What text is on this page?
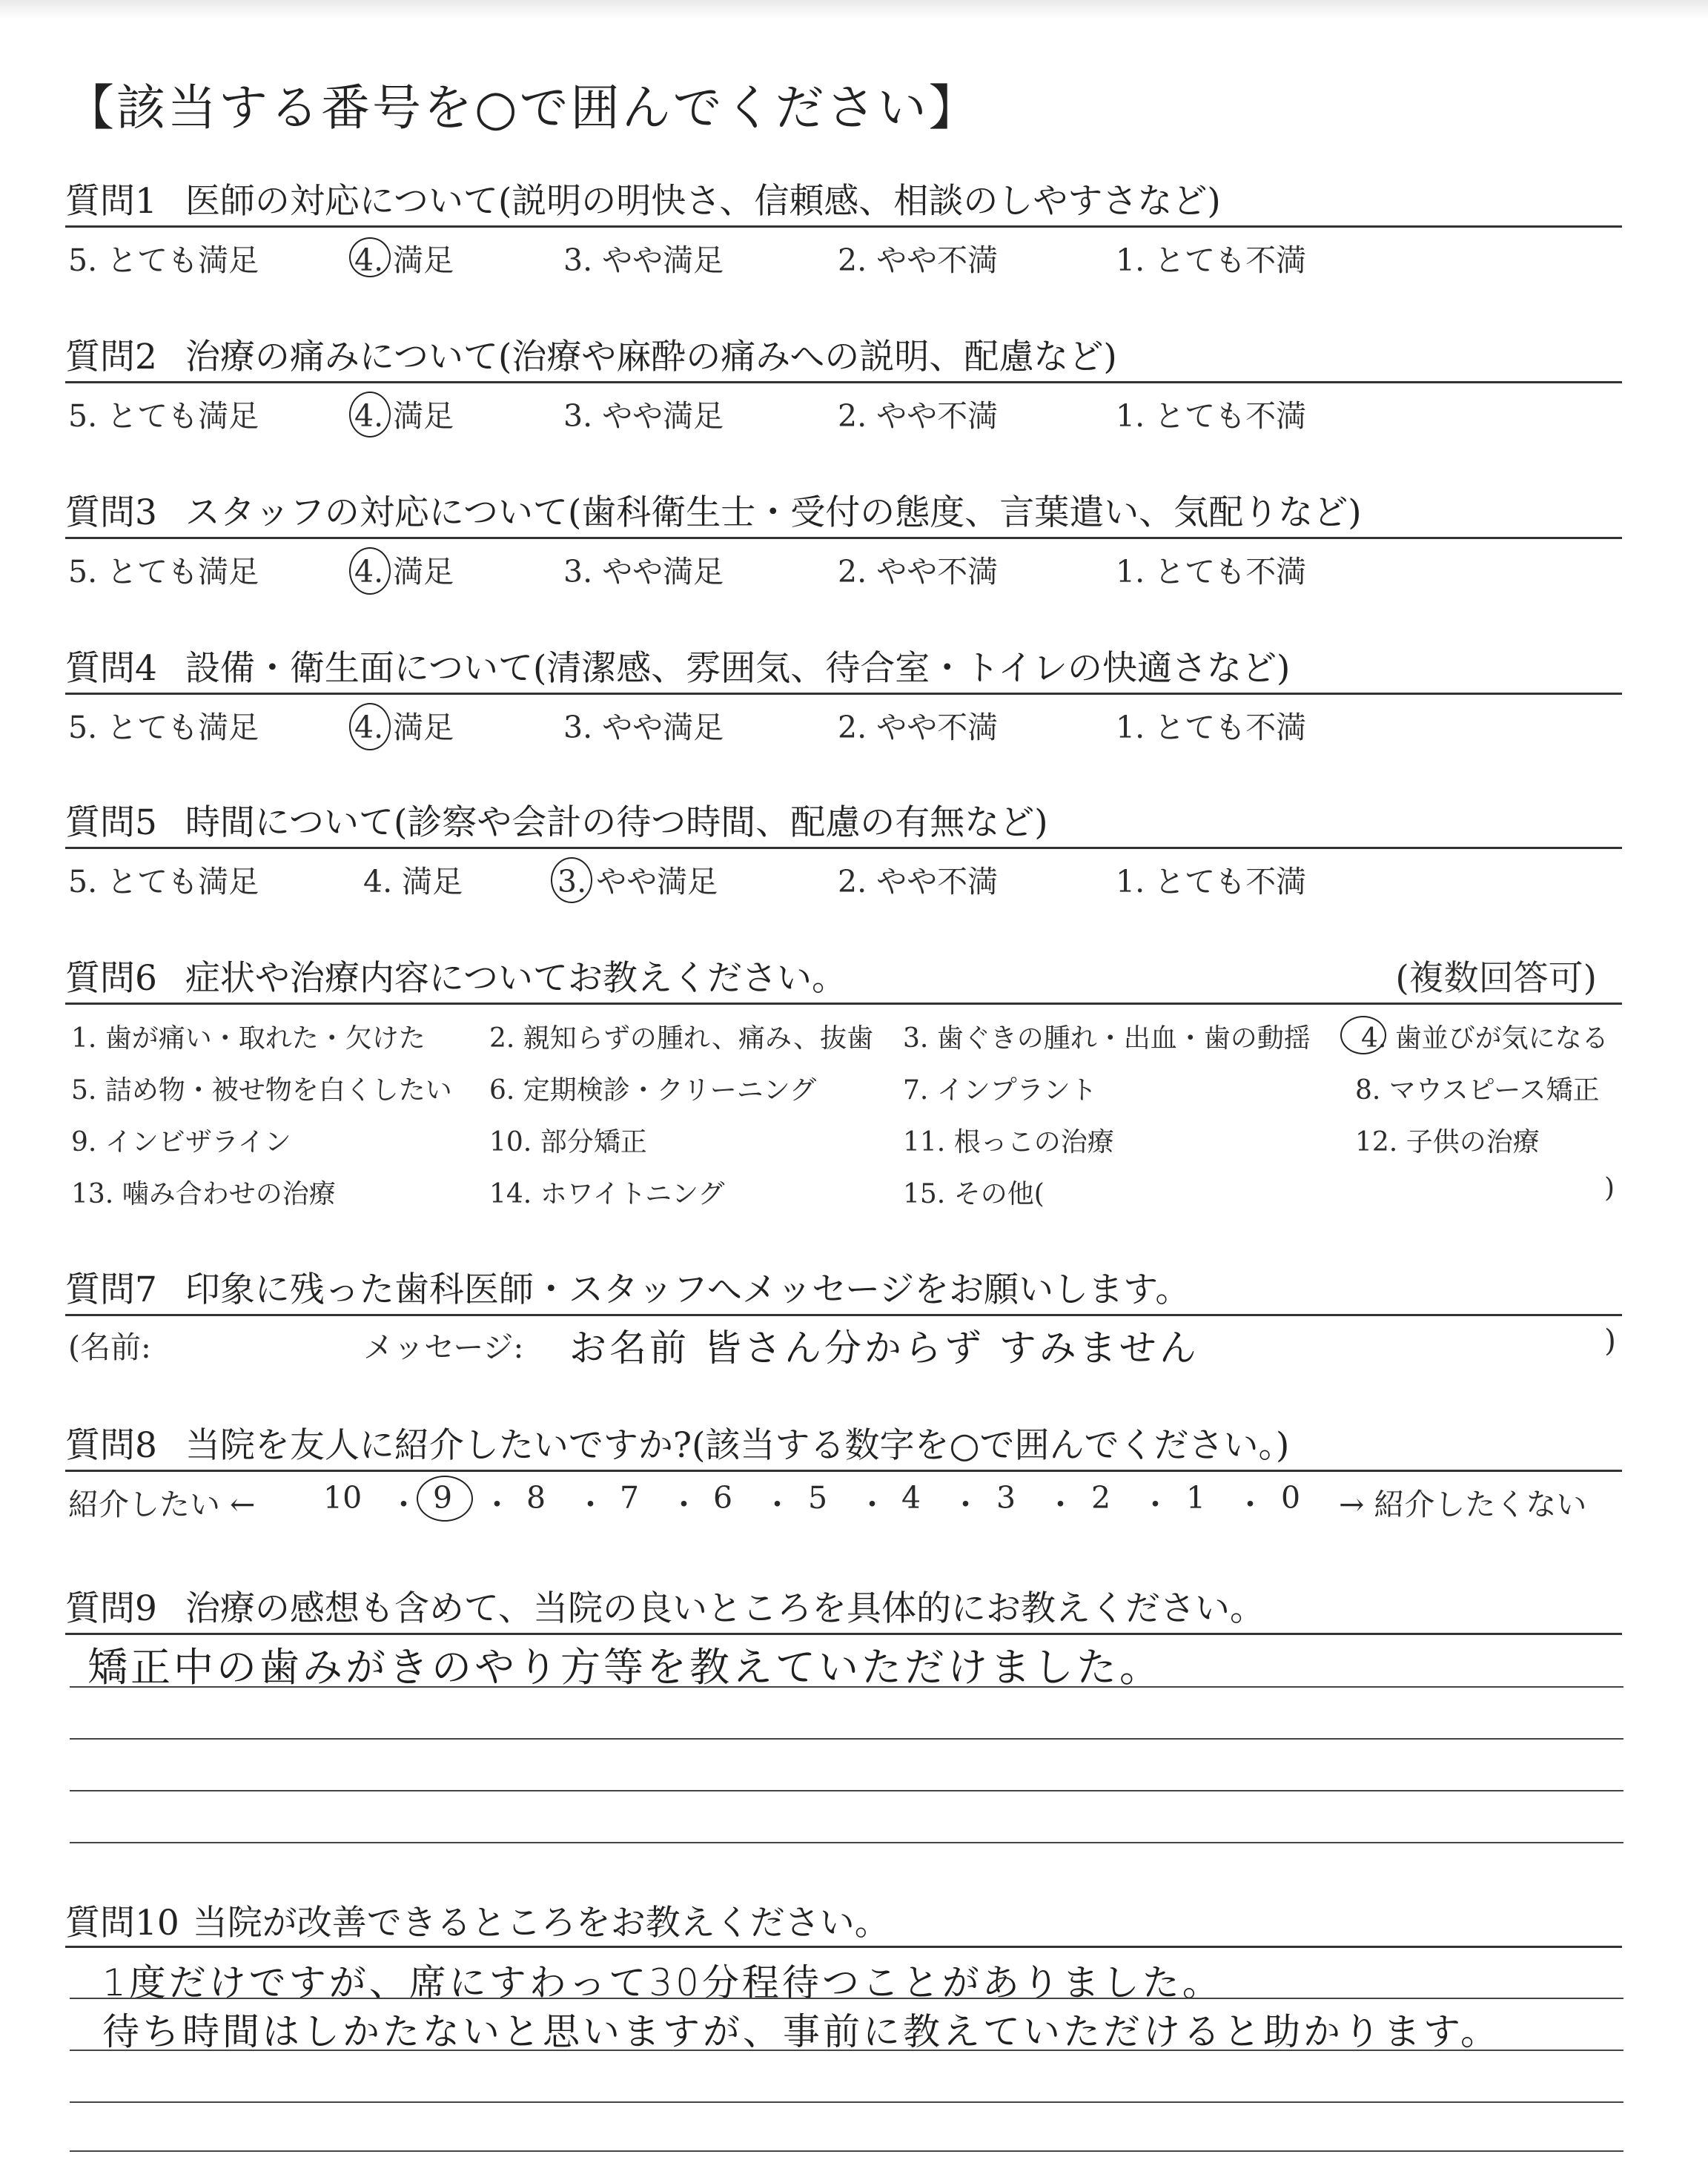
【該当する番号を○で囲んでください】
質問1 医師の対応について(説明の明快さ、信頼感、相談のしやすさなど)
5. とても満足	4. 満足	3. やや満足	2. やや不満	1. とても不満
質問2 治療の痛みについて(治療や麻酔の痛みへの説明、配慮など)
5. とても満足	4. 満足	3. やや満足	2. やや不満	1. とても不満
質問3 スタッフの対応について(歯科衛生士・受付の態度、言葉遣い、気配りなど)
5. とても満足	4. 満足	3. やや満足	2. やや不満	1. とても不満
質問4 設備・衛生面について(清潔感、雰囲気、待合室・トイレの快適さなど)
5. とても満足	4. 満足	3. やや満足	2. やや不満	1. とても不満
質問5 時間について(診察や会計の待つ時間、配慮の有無など)
5. とても満足	4. 満足	3. やや満足	2. やや不満	1. とても不満
質問6 症状や治療内容についてお教えください。	(複数回答可)
1. 歯が痛い・取れた・欠けた 2. 親知らずの腫れ、痛み、抜歯 3. 歯ぐきの腫れ・出血・歯の動揺 4. 歯並びが気になる
5. 詰め物・被せ物を白くしたい 6. 定期検診・クリーニング	7. インプラント	8. マウスピース矯正
9. インビザライン	10. 部分矯正	11. 根っこの治療	12. 子供の治療
13. 噛み合わせの治療	14. ホワイトニング	15. その他(	)
質問7 印象に残った歯科医師・スタッフへメッセージをお願いします。
(名前:	メッセージ: お名前 皆さん分からず すみません	)
質問8 当院を友人に紹介したいですか?(該当する数字を○で囲んでください。)
紹介したい ← 10 ・ 9 ・ 8 ・ 7 ・ 6 ・ 5 ・ 4 ・ 3 ・ 2 ・ 1 ・ 0 → 紹介したくない
質問9 治療の感想も含めて、当院の良いところを具体的にお教えください。
矯正中の歯みがきのやり方等を教えていただけました。
質問10 当院が改善できるところをお教えください。
1度だけですが、席にすわって30分程待つことがありました。
待ち時間はしかたないと思いますが、事前に教えていただけると助かります。
